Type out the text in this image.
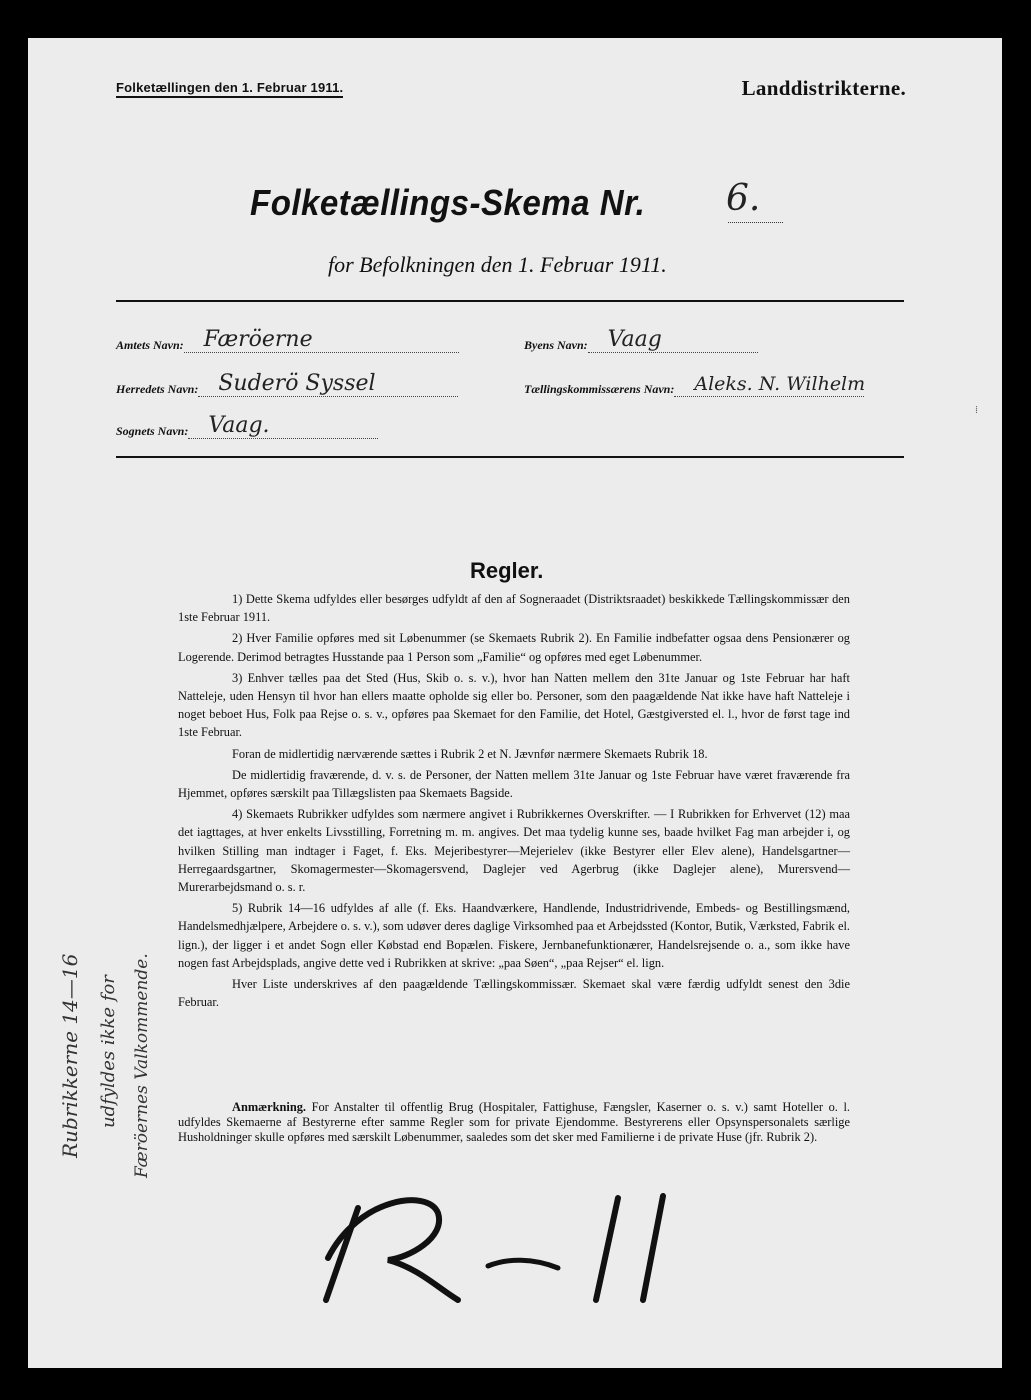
Folketællingen den 1. Februar 1911.	Landdistrikterne.
Folketællings-Skema Nr. 6.
for Befolkningen den 1. Februar 1911.
Amtets Navn: Færöerne	Byens Navn: Vaag
Herredets Navn: Suderö Syssel	Tællingskommissærens Navn:	Aleks. N. Wilhelm
Sognets Navn: Vaag.
⁞
Regler.

1) Dette Skema udfyldes eller besørges udfyldt af den af Sogneraadet (Distriktsraadet) beskikkede Tællingskommissær den 1ste Februar 1911.

2) Hver Familie opføres med sit Løbenummer (se Skemaets Rubrik 2). En Familie indbefatter ogsaa dens Pensionærer og Logerende. Derimod betragtes Husstande paa 1 Person som „Familie“ og opføres med eget Løbenummer.

3) Enhver tælles paa det Sted (Hus, Skib o. s. v.), hvor han Natten mellem den 31te Januar og 1ste Februar har haft Natteleje, uden Hensyn til hvor han ellers maatte opholde sig eller bo. Personer, som den paagældende Nat ikke have haft Natteleje i noget beboet Hus, Folk paa Rejse o. s. v., opføres paa Skemaet for den Familie, det Hotel, Gæstgiversted el. l., hvor de først tage ind 1ste Februar.

Foran de midlertidig nærværende sættes i Rubrik 2 et N. Jævnfør nærmere Skemaets Rubrik 18.

De midlertidig fraværende, d. v. s. de Personer, der Natten mellem 31te Januar og 1ste Februar have været fraværende fra Hjemmet, opføres særskilt paa Tillægslisten paa Skemaets Bagside.

4) Skemaets Rubrikker udfyldes som nærmere angivet i Rubrikkernes Overskrifter. — I Rubrikken for Erhvervet (12) maa det iagttages, at hver enkelts Livsstilling, Forretning m. m. angives. Det maa tydelig kunne ses, baade hvilket Fag man arbejder i, og hvilken Stilling man indtager i Faget, f. Eks. Mejeribestyrer—Mejerielev (ikke Bestyrer eller Elev alene), Handelsgartner—Herregaardsgartner, Skomagermester—Skomagersvend, Daglejer ved Agerbrug (ikke Daglejer alene), Murersvend—Murerarbejdsmand o. s. r.

5) Rubrik 14—16 udfyldes af alle (f. Eks. Haandværkere, Handlende, Industridrivende, Embeds- og Bestillingsmænd, Handelsmedhjælpere, Arbejdere o. s. v.), som udøver deres daglige Virksomhed paa et Arbejdssted (Kontor, Butik, Værksted, Fabrik el. lign.), der ligger i et andet Sogn eller Købstad end Bopælen. Fiskere, Jernbanefunktionærer, Handelsrejsende o. a., som ikke have nogen fast Arbejdsplads, angive dette ved i Rubrikken at skrive: „paa Søen“, „paa Rejser“ el. lign.

Hver Liste underskrives af den paagældende Tællingskommissær. Skemaet skal være færdig udfyldt senest den 3die Februar.

Anmærkning. For Anstalter til offentlig Brug (Hospitaler, Fattighuse, Fængsler, Kaserner o. s. v.) samt Hoteller o. l. udfyldes Skemaerne af Bestyrerne efter samme Regler som for private Ejendomme. Bestyrerens eller Opsynspersonalets særlige Husholdninger skulle opføres med særskilt Løbenummer, saaledes som det sker med Familierne i de private Huse (jfr. Rubrik 2).
Rubrikkerne 14—16 udfyldes ikke for Færöernes Valkommende.
